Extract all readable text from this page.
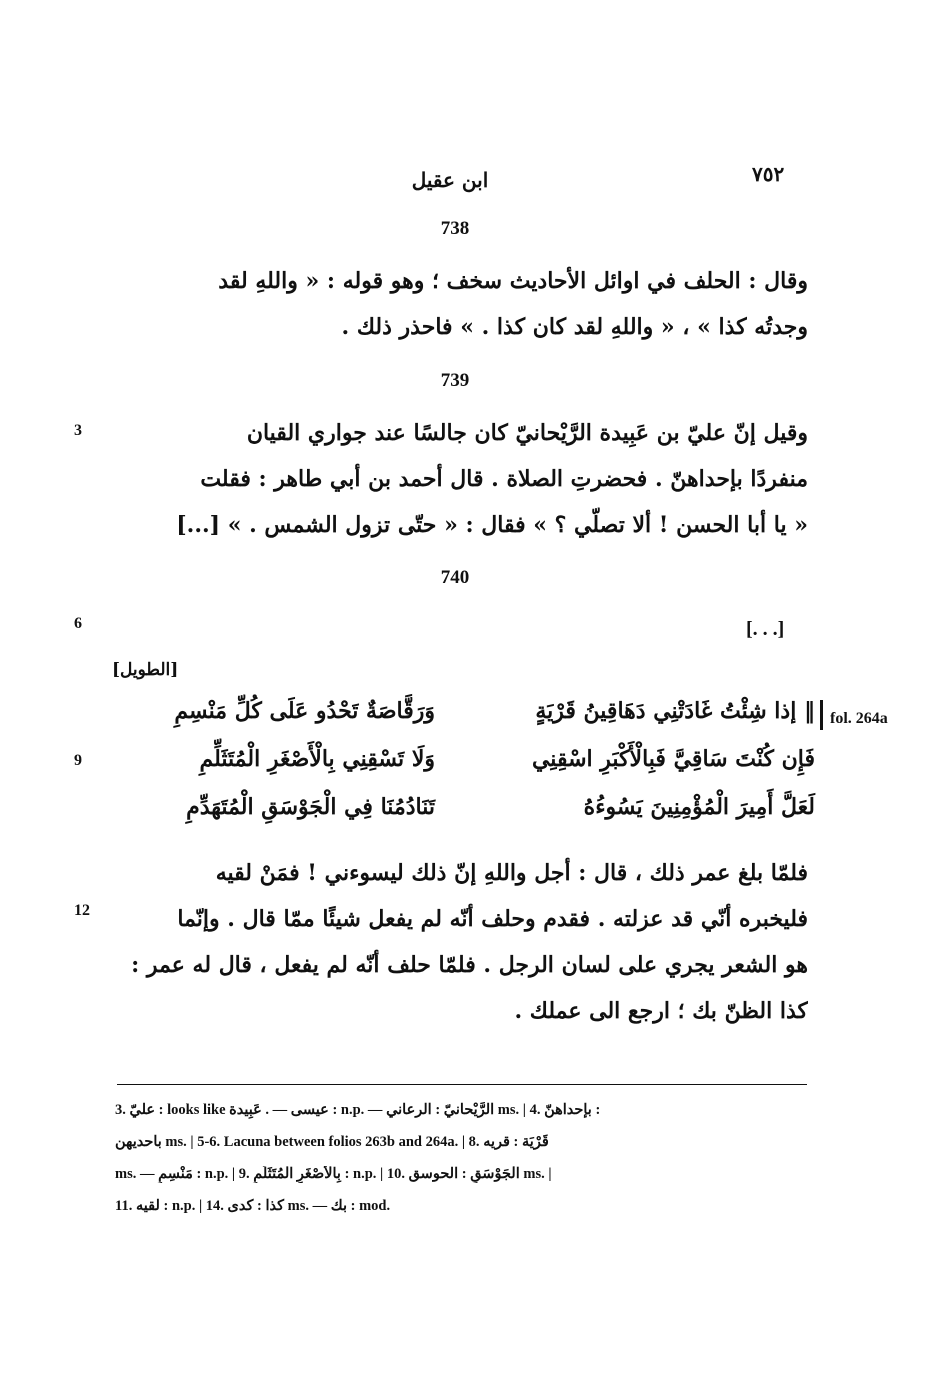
٧٥٢
ابن عقيل
738
وقال : الحلف في اوائل الأحاديث سخف ؛ وهو قوله : « واللهِ لقد
وجدتُه كذا » ، « واللهِ لقد كان كذا . » فاحذر ذلك .
739
وقيل إنّ عليّ بن عَبِيدة الرَّيْحانيّ كان جالسًا عند جواري القيان
منفردًا بإحداهنّ . فحضرتِ الصلاة . قال أحمد بن أبي طاهر : فقلت
« يا أبا الحسن ! ألا تصلّي ؟ » فقال : « حتّى تزول الشمس . » [...]
3
740
6	[. . .]
[الطويل]
fol. 264a
‖ إذا شِئْتُ غَادَتْنِي دَهَاقِينُ قَرْيَةٍ
وَرَقَّاصَةٌ تَحْدُو عَلَى كُلِّ مَنْسِمِ
فَإِن كُنْتَ سَاقِيَّ فَبِالْأَكْبَرِ اسْقِنِي
وَلَا تَسْقِنِي بِالْأَصْغَرِ الْمُتَثَلِّمِ
9
لَعَلَّ أَمِيرَ الْمُؤْمِنِينَ يَسُوءُهُ
تَنَادُمُنَا فِي الْجَوْسَقِ الْمُتَهَدِّمِ
فلمّا بلغ عمر ذلك ، قال : أجل واللهِ إنّ ذلك ليسوءني ! فمَنْ لقيه
فليخبره أنّي قد عزلته . فقدم وحلف أنّه لم يفعل شيئًا ممّا قال . وإنّما
هو الشعر يجري على لسان الرجل . فلمّا حلف أنّه لم يفعل ، قال له عمر :
كذا الظنّ بك ؛ ارجع الى عملك .
12
3. عليّ : looks like عيسى — . عَبِيدة : n.p. — الرَّيْحانيّ : الرعاني ms. | 4. بإحداهنّ :
باحديهن ms. | 5-6. Lacuna between folios 263b and 264a. | 8. قَرْيَة : قريه
ms. — مَنْسِمِ : n.p. | 9. بِالْأَصْغَرِ الْمُتَثَلِّمِ : n.p. | 10. الْجَوْسَقِ : الحوسق ms. |
11. لقيه : n.p. | 14. كذا : كدى ms. — بك : mod.
